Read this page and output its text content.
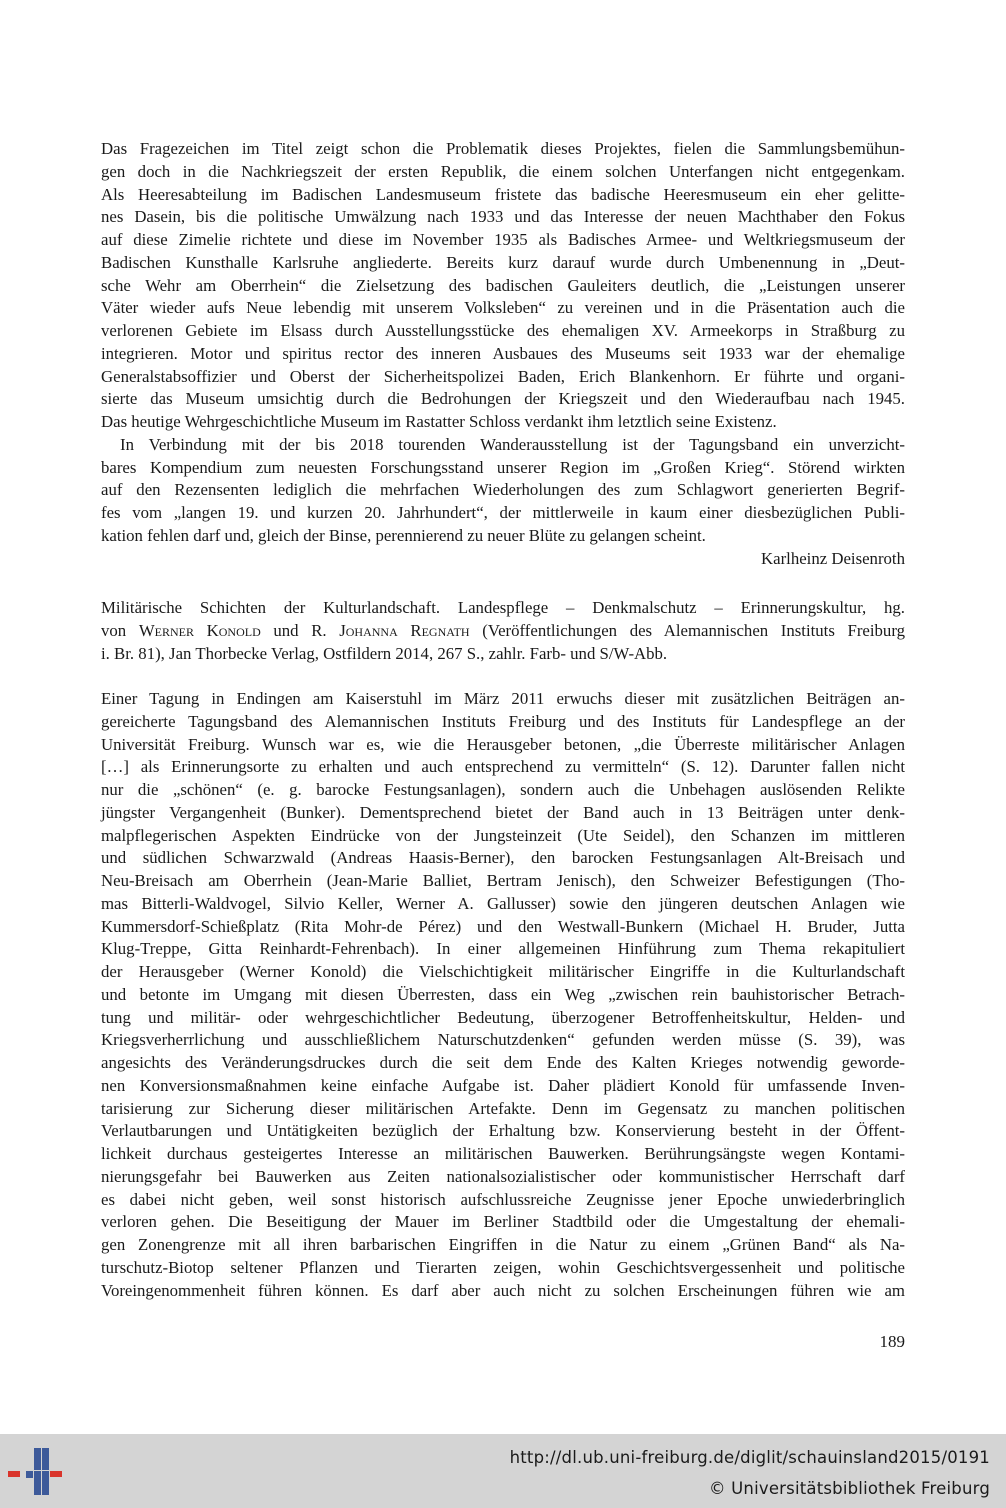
Das Fragezeichen im Titel zeigt schon die Problematik dieses Projektes, fielen die Sammlungsbemühun-
gen doch in die Nachkriegszeit der ersten Republik, die einem solchen Unterfangen nicht entgegenkam.
Als Heeresabteilung im Badischen Landesmuseum fristete das badische Heeresmuseum ein eher gelitte-
nes Dasein, bis die politische Umwälzung nach 1933 und das Interesse der neuen Machthaber den Fokus
auf diese Zimelie richtete und diese im November 1935 als Badisches Armee- und Weltkriegsmuseum der
Badischen Kunsthalle Karlsruhe angliederte. Bereits kurz darauf wurde durch Umbenennung in „Deut-
sche Wehr am Oberrhein“ die Zielsetzung des badischen Gauleiters deutlich, die „Leistungen unserer
Väter wieder aufs Neue lebendig mit unserem Volksleben“ zu vereinen und in die Präsentation auch die
verlorenen Gebiete im Elsass durch Ausstellungsstücke des ehemaligen XV. Armeekorps in Straßburg zu
integrieren. Motor und spiritus rector des inneren Ausbaues des Museums seit 1933 war der ehemalige
Generalstabsoffizier und Oberst der Sicherheitspolizei Baden, Erich Blankenhorn. Er führte und organi-
sierte das Museum umsichtig durch die Bedrohungen der Kriegszeit und den Wiederaufbau nach 1945.
Das heutige Wehrgeschichtliche Museum im Rastatter Schloss verdankt ihm letztlich seine Existenz.
In Verbindung mit der bis 2018 tourenden Wanderausstellung ist der Tagungsband ein unverzicht-
bares Kompendium zum neuesten Forschungsstand unserer Region im „Großen Krieg“. Störend wirkten
auf den Rezensenten lediglich die mehrfachen Wiederholungen des zum Schlagwort generierten Begrif-
fes vom „langen 19. und kurzen 20. Jahrhundert“, der mittlerweile in kaum einer diesbezüglichen Publi-
kation fehlen darf und, gleich der Binse, perennierend zu neuer Blüte zu gelangen scheint.
Karlheinz Deisenroth
Militärische Schichten der Kulturlandschaft. Landespflege – Denkmalschutz – Erinnerungskultur, hg.
von Werner Konold und R. Johanna Regnath (Veröffentlichungen des Alemannischen Instituts Freiburg
i. Br. 81), Jan Thorbecke Verlag, Ostfildern 2014, 267 S., zahlr. Farb- und S/W-Abb.
Einer Tagung in Endingen am Kaiserstuhl im März 2011 erwuchs dieser mit zusätzlichen Beiträgen an-
gereicherte Tagungsband des Alemannischen Instituts Freiburg und des Instituts für Landespflege an der
Universität Freiburg. Wunsch war es, wie die Herausgeber betonen, „die Überreste militärischer Anlagen
[…] als Erinnerungsorte zu erhalten und auch entsprechend zu vermitteln“ (S. 12). Darunter fallen nicht
nur die „schönen“ (e. g. barocke Festungsanlagen), sondern auch die Unbehagen auslösenden Relikte
jüngster Vergangenheit (Bunker). Dementsprechend bietet der Band auch in 13 Beiträgen unter denk-
malpflegerischen Aspekten Eindrücke von der Jungsteinzeit (Ute Seidel), den Schanzen im mittleren
und südlichen Schwarzwald (Andreas Haasis-Berner), den barocken Festungsanlagen Alt-Breisach und
Neu-Breisach am Oberrhein (Jean-Marie Balliet, Bertram Jenisch), den Schweizer Befestigungen (Tho-
mas Bitterli-Waldvogel, Silvio Keller, Werner A. Gallusser) sowie den jüngeren deutschen Anlagen wie
Kummersdorf-Schießplatz (Rita Mohr-de Pérez) und den Westwall-Bunkern (Michael H. Bruder, Jutta
Klug-Treppe, Gitta Reinhardt-Fehrenbach). In einer allgemeinen Hinführung zum Thema rekapituliert
der Herausgeber (Werner Konold) die Vielschichtigkeit militärischer Eingriffe in die Kulturlandschaft
und betonte im Umgang mit diesen Überresten, dass ein Weg „zwischen rein bauhistorischer Betrach-
tung und militär- oder wehrgeschichtlicher Bedeutung, überzogener Betroffenheitskultur, Helden- und
Kriegsverherrlichung und ausschließlichem Naturschutzdenken“ gefunden werden müsse (S. 39), was
angesichts des Veränderungsdruckes durch die seit dem Ende des Kalten Krieges notwendig geworde-
nen Konversionsmaßnahmen keine einfache Aufgabe ist. Daher plädiert Konold für umfassende Inven-
tarisierung zur Sicherung dieser militärischen Artefakte. Denn im Gegensatz zu manchen politischen
Verlautbarungen und Untätigkeiten bezüglich der Erhaltung bzw. Konservierung besteht in der Öffent-
lichkeit durchaus gesteigertes Interesse an militärischen Bauwerken. Berührungsängste wegen Kontami-
nierungsgefahr bei Bauwerken aus Zeiten nationalsozialistischer oder kommunistischer Herrschaft darf
es dabei nicht geben, weil sonst historisch aufschlussreiche Zeugnisse jener Epoche unwiederbringlich
verloren gehen. Die Beseitigung der Mauer im Berliner Stadtbild oder die Umgestaltung der ehemali-
gen Zonengrenze mit all ihren barbarischen Eingriffen in die Natur zu einem „Grünen Band“ als Na-
turschutz-Biotop seltener Pflanzen und Tierarten zeigen, wohin Geschichtsvergessenheit und politische
Voreingenommenheit führen können. Es darf aber auch nicht zu solchen Erscheinungen führen wie am
189
http://dl.ub.uni-freiburg.de/diglit/schauinsland2015/0191
© Universitätsbibliothek Freiburg
